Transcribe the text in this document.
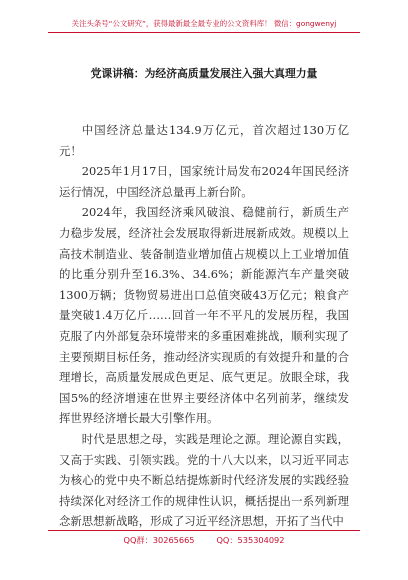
关注头条号“公文研究”，获得最新最全最专业的公文资料库！ 微信：gongwenyj
党课讲稿：为经济高质量发展注入强大真理力量

中国经济总量达134.9万亿元，首次超过130万亿元！

2025年1月17日，国家统计局发布2024年国民经济运行情况，中国经济总量再上新台阶。

2024年，我国经济乘风破浪、稳健前行，新质生产力稳步发展，经济社会发展取得新进展新成效。规模以上高技术制造业、装备制造业增加值占规模以上工业增加值的比重分别升至16.3%、34.6%；新能源汽车产量突破1300万辆；货物贸易进出口总值突破43万亿元；粮食产量突破1.4万亿斤……回首一年不平凡的发展历程，我国克服了内外部复杂环境带来的多重困难挑战，顺利实现了主要预期目标任务，推动经济实现质的有效提升和量的合理增长，高质量发展成色更足、底气更足。放眼全球，我国5%的经济增速在世界主要经济体中名列前茅，继续发挥世界经济增长最大引擎作用。

时代是思想之母，实践是理论之源。理论源自实践，又高于实践、引领实践。党的十八大以来，以习近平同志为核心的党中央不断总结提炼新时代经济发展的实践经验持续深化对经济工作的规律性认识，概括提出一系列新理念新思想新战略，形成了习近平经济思想，开拓了当代中

QQ群：30265665	QQ：535304092
